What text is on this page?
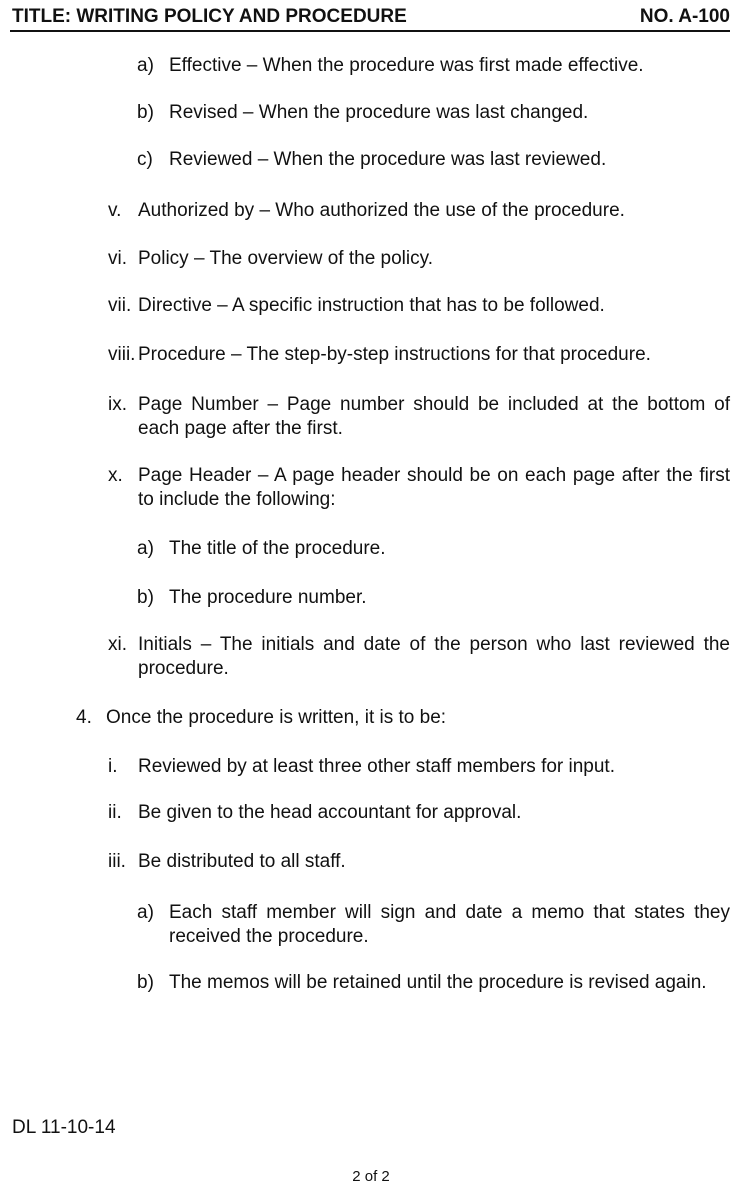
TITLE: WRITING POLICY AND PROCEDURE	NO. A-100
a) Effective – When the procedure was first made effective.
b) Revised – When the procedure was last changed.
c) Reviewed – When the procedure was last reviewed.
v. Authorized by – Who authorized the use of the procedure.
vi. Policy – The overview of the policy.
vii. Directive – A specific instruction that has to be followed.
viii. Procedure – The step-by-step instructions for that procedure.
ix. Page Number – Page number should be included at the bottom of each page after the first.
x. Page Header – A page header should be on each page after the first to include the following:
a) The title of the procedure.
b) The procedure number.
xi. Initials – The initials and date of the person who last reviewed the procedure.
4. Once the procedure is written, it is to be:
i.	Reviewed by at least three other staff members for input.
ii. Be given to the head accountant for approval.
iii. Be distributed to all staff.
a) Each staff member will sign and date a memo that states they received the procedure.
b) The memos will be retained until the procedure is revised again.
DL 11-10-14
2 of 2
